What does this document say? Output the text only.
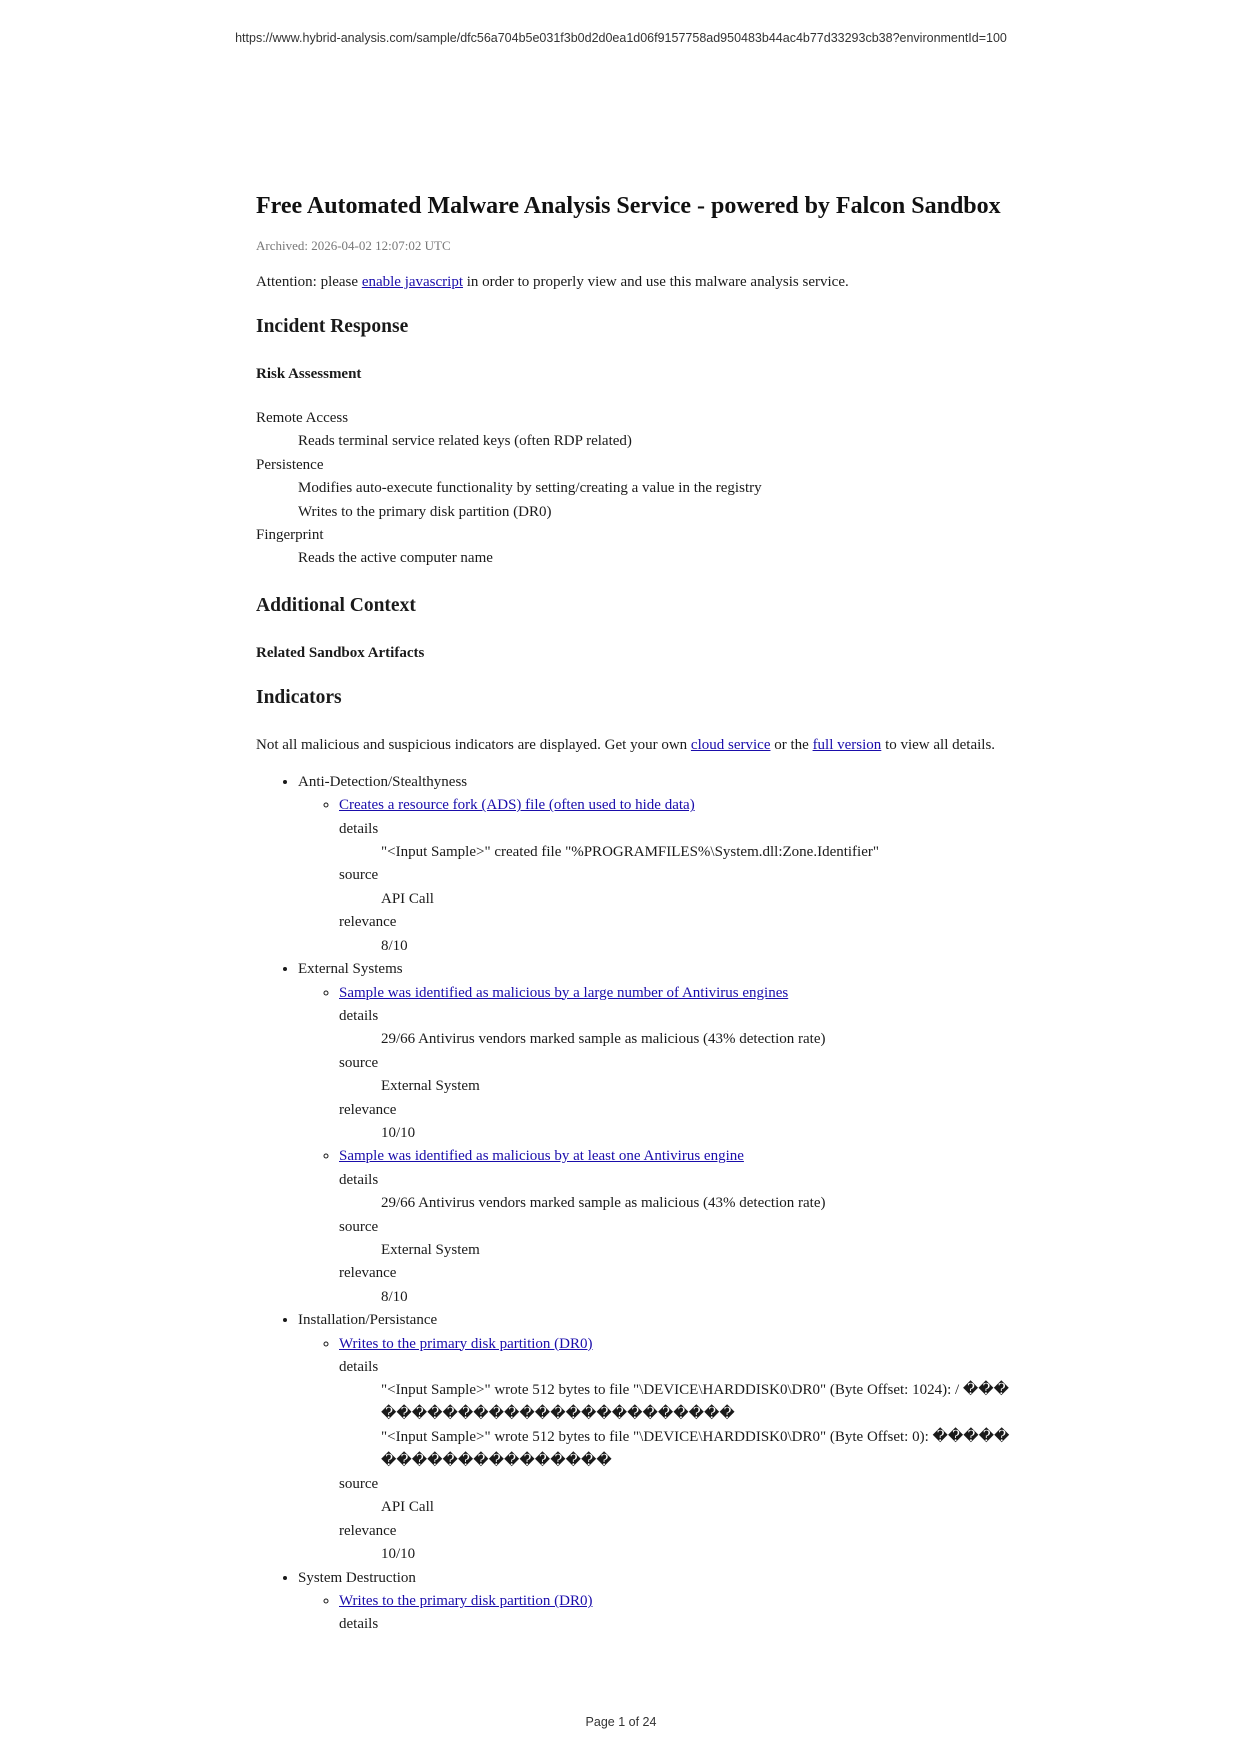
https://www.hybrid-analysis.com/sample/dfc56a704b5e031f3b0d2d0ea1d06f9157758ad950483b44ac4b77d33293cb38?environmentId=100
Free Automated Malware Analysis Service - powered by Falcon Sandbox
Archived: 2026-04-02 12:07:02 UTC
Attention: please enable javascript in order to properly view and use this malware analysis service.
Incident Response
Risk Assessment
Remote Access
Reads terminal service related keys (often RDP related)
Persistence
Modifies auto-execute functionality by setting/creating a value in the registry
Writes to the primary disk partition (DR0)
Fingerprint
Reads the active computer name
Additional Context
Related Sandbox Artifacts
Indicators
Not all malicious and suspicious indicators are displayed. Get your own cloud service or the full version to view all details.
• Anti-Detection/Stealthyness
◦ Creates a resource fork (ADS) file (often used to hide data)
details
"<Input Sample>" created file "%PROGRAMFILES%\System.dll:Zone.Identifier"
source
API Call
relevance
8/10
• External Systems
◦ Sample was identified as malicious by a large number of Antivirus engines
details
29/66 Antivirus vendors marked sample as malicious (43% detection rate)
source
External System
relevance
10/10
◦ Sample was identified as malicious by at least one Antivirus engine
details
29/66 Antivirus vendors marked sample as malicious (43% detection rate)
source
External System
relevance
8/10
• Installation/Persistance
◦ Writes to the primary disk partition (DR0)
details
"<Input Sample>" wrote 512 bytes to file "\DEVICE\HARDDISK0\DR0" (Byte Offset: 1024): / ��������������������������
"<Input Sample>" wrote 512 bytes to file "\DEVICE\HARDDISK0\DR0" (Byte Offset: 0): ��������������������
source
API Call
relevance
10/10
• System Destruction
◦ Writes to the primary disk partition (DR0)
details
Page 1 of 24
